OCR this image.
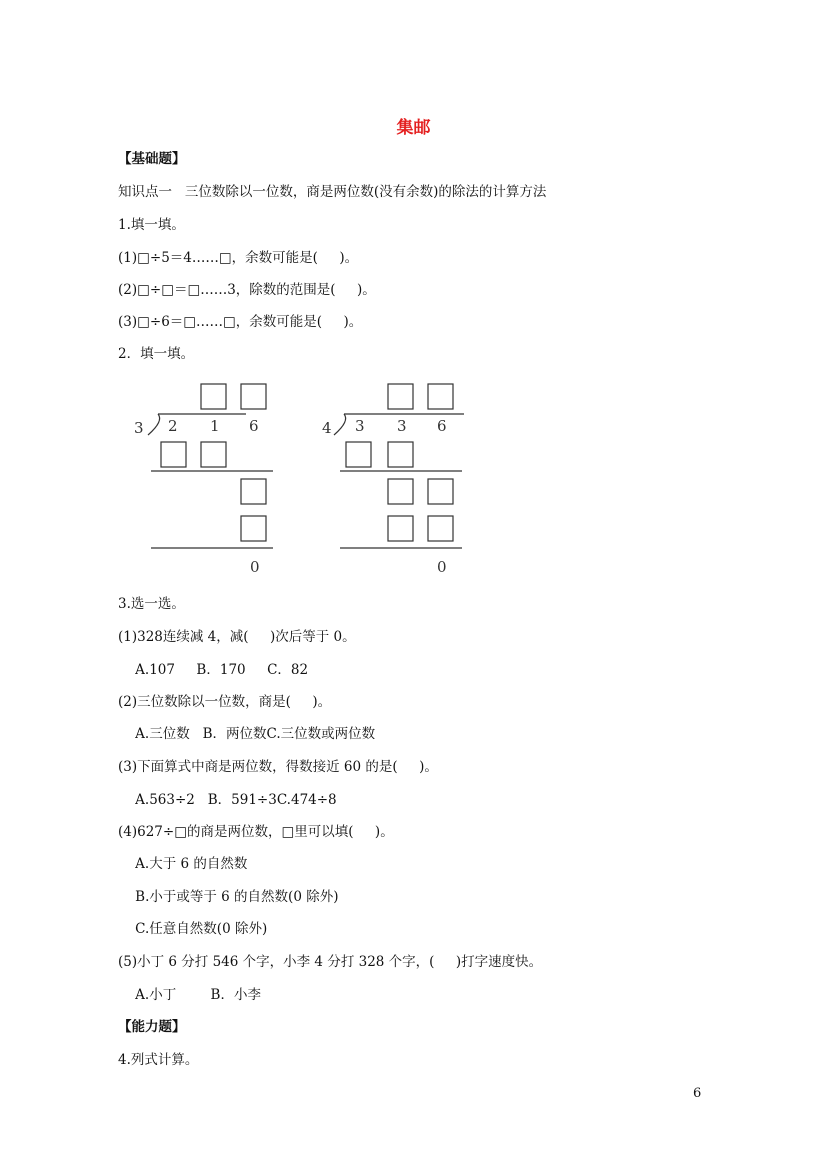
集邮
【基础题】
知识点一   三位数除以一位数，商是两位数(没有余数)的除法的计算方法
1.填一填。
(1)□÷5＝4……□，余数可能是(     )。
(2)□÷□＝□……3，除数的范围是(     )。
(3)□÷6＝□……□，余数可能是(     )。
2．填一填。
3 2 1 6
0
4 3 3 6
0
3.选一选。
(1)328连续减 4，减(     )次后等于 0。
A.107     B．170     C．82
(2)三位数除以一位数，商是(     )。
A.三位数   B．两位数C.三位数或两位数
(3)下面算式中商是两位数，得数接近 60 的是(     )。
A.563÷2   B．591÷3C.474÷8
(4)627÷□的商是两位数，□里可以填(     )。
A.大于 6 的自然数
B.小于或等于 6 的自然数(0 除外)
C.任意自然数(0 除外)
(5)小丁 6 分打 546 个字，小李 4 分打 328 个字，(     )打字速度快。
A.小丁        B．小李
【能力题】
4.列式计算。
6
